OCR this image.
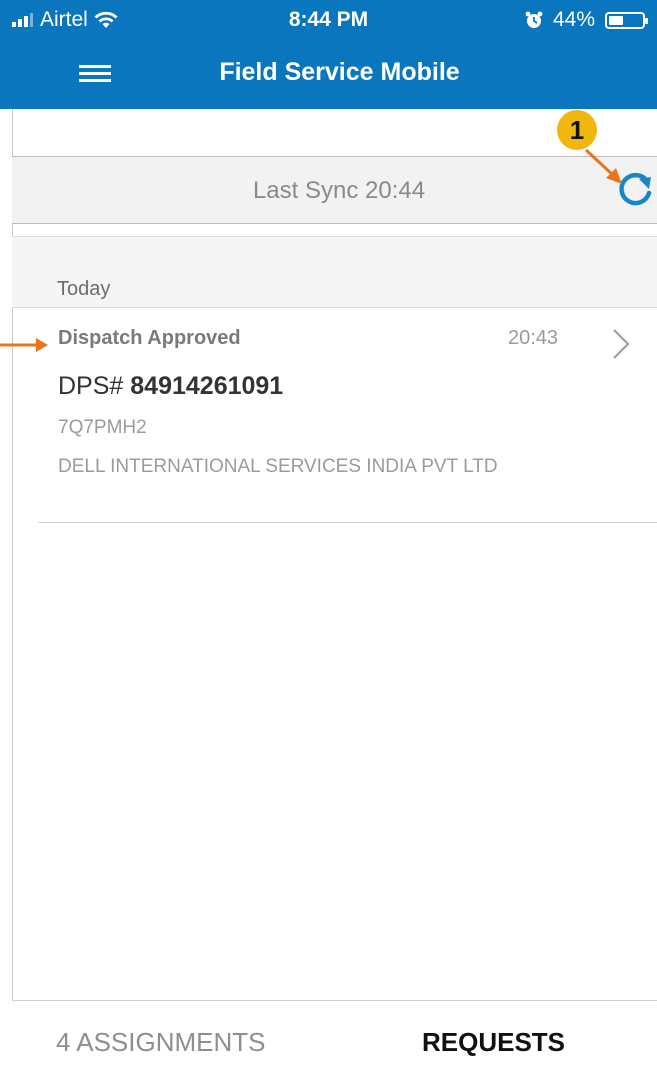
Airtel	8:44 PM	44%
Field Service Mobile
Last Sync 20:44
Today
Dispatch Approved	20:43
DPS# 84914261091
7Q7PMH2
DELL INTERNATIONAL SERVICES INDIA PVT LTD
4 ASSIGNMENTS	REQUESTS
1
